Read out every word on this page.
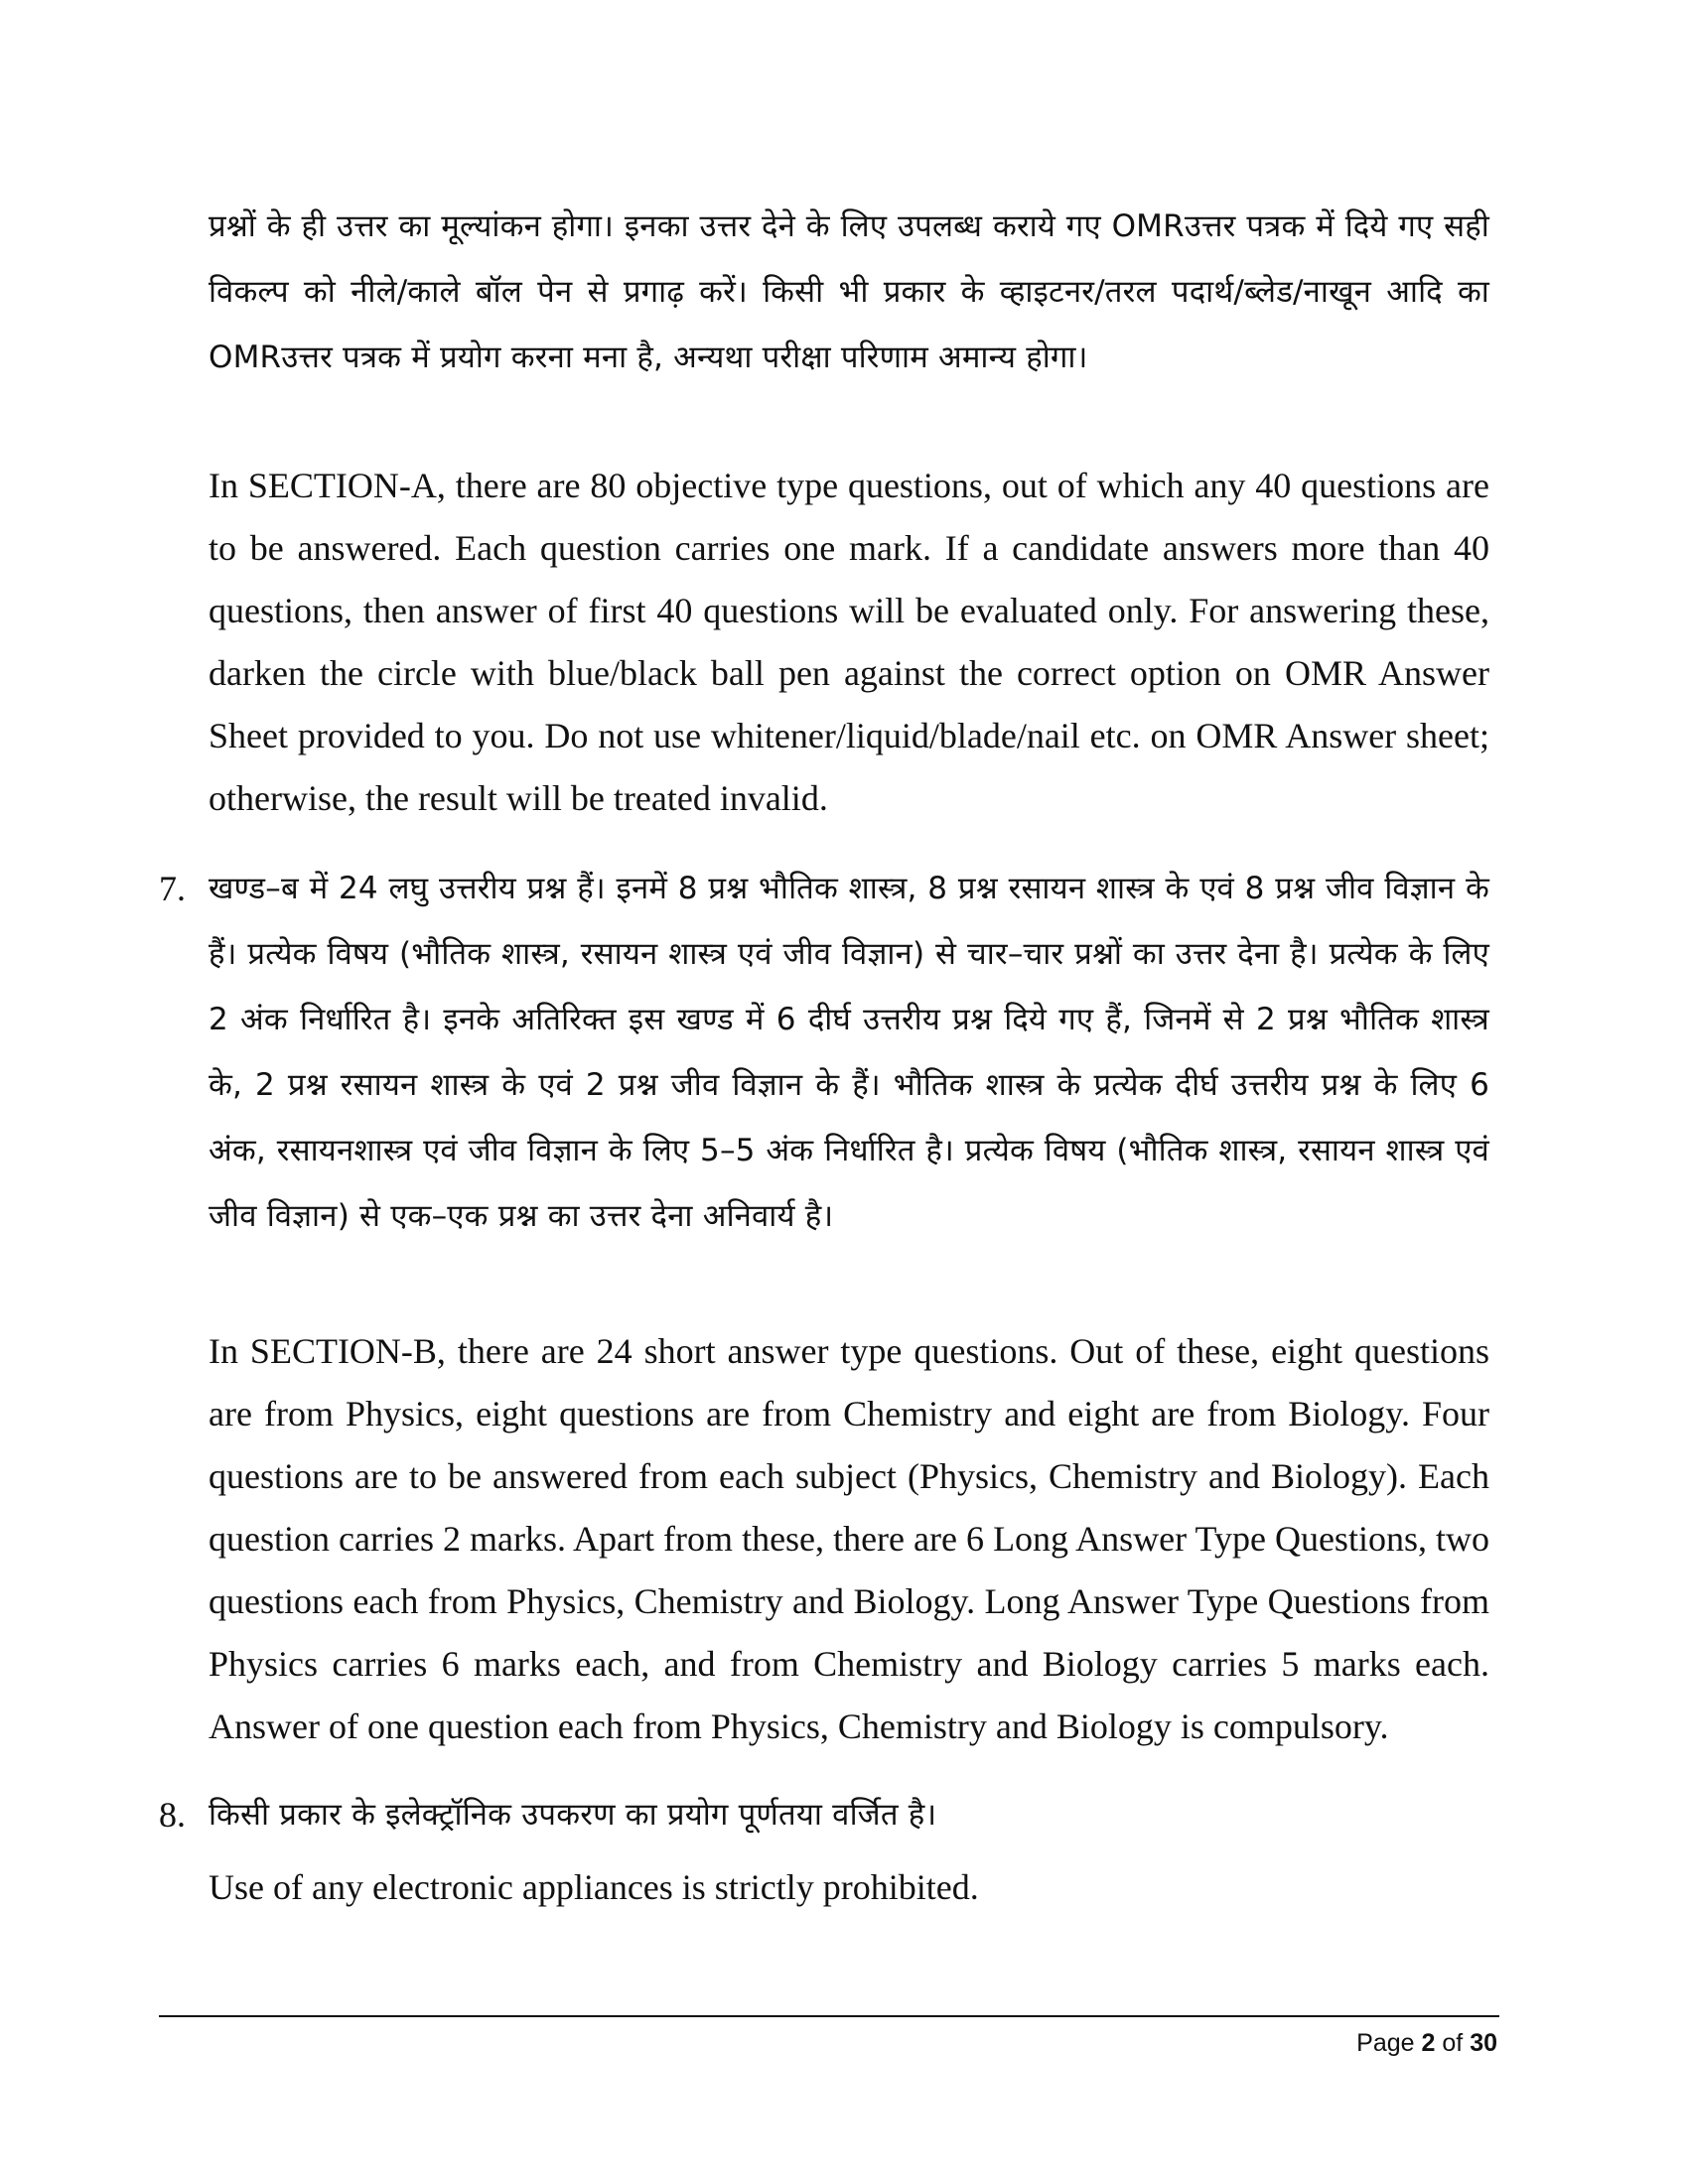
प्रश्नों के ही उत्तर का मूल्यांकन होगा। इनका उत्तर देने के लिए उपलब्ध कराये गए OMRउत्तर पत्रक में दिये गए सही विकल्प को नीले/काले बॉल पेन से प्रगाढ़ करें। किसी भी प्रकार के व्हाइटनर/तरल पदार्थ/ब्लेड/नाखून आदि का OMRउत्तर पत्रक में प्रयोग करना मना है, अन्यथा परीक्षा परिणाम अमान्य होगा।
In SECTION-A, there are 80 objective type questions, out of which any 40 questions are to be answered. Each question carries one mark. If a candidate answers more than 40 questions, then answer of first 40 questions will be evaluated only. For answering these, darken the circle with blue/black ball pen against the correct option on OMR Answer Sheet provided to you. Do not use whitener/liquid/blade/nail etc. on OMR Answer sheet; otherwise, the result will be treated invalid.
7. खण्ड–ब में 24 लघु उत्तरीय प्रश्न हैं। इनमें 8 प्रश्न भौतिक शास्त्र, 8 प्रश्न रसायन शास्त्र के एवं 8 प्रश्न जीव विज्ञान के हैं। प्रत्येक विषय (भौतिक शास्त्र, रसायन शास्त्र एवं जीव विज्ञान) से चार–चार प्रश्नों का उत्तर देना है। प्रत्येक के लिए 2 अंक निर्धारित है। इनके अतिरिक्त इस खण्ड में 6 दीर्घ उत्तरीय प्रश्न दिये गए हैं, जिनमें से 2 प्रश्न भौतिक शास्त्र के, 2 प्रश्न रसायन शास्त्र के एवं 2 प्रश्न जीव विज्ञान के हैं। भौतिक शास्त्र के प्रत्येक दीर्घ उत्तरीय प्रश्न के लिए 6 अंक, रसायनशास्त्र एवं जीव विज्ञान के लिए 5–5 अंक निर्धारित है। प्रत्येक विषय (भौतिक शास्त्र, रसायन शास्त्र एवं जीव विज्ञान) से एक–एक प्रश्न का उत्तर देना अनिवार्य है।
In SECTION-B, there are 24 short answer type questions. Out of these, eight questions are from Physics, eight questions are from Chemistry and eight are from Biology. Four questions are to be answered from each subject (Physics, Chemistry and Biology). Each question carries 2 marks. Apart from these, there are 6 Long Answer Type Questions, two questions each from Physics, Chemistry and Biology. Long Answer Type Questions from Physics carries 6 marks each, and from Chemistry and Biology carries 5 marks each. Answer of one question each from Physics, Chemistry and Biology is compulsory.
8. किसी प्रकार के इलेक्ट्रॉनिक उपकरण का प्रयोग पूर्णतया वर्जित है।
Use of any electronic appliances is strictly prohibited.
Page 2 of 30
